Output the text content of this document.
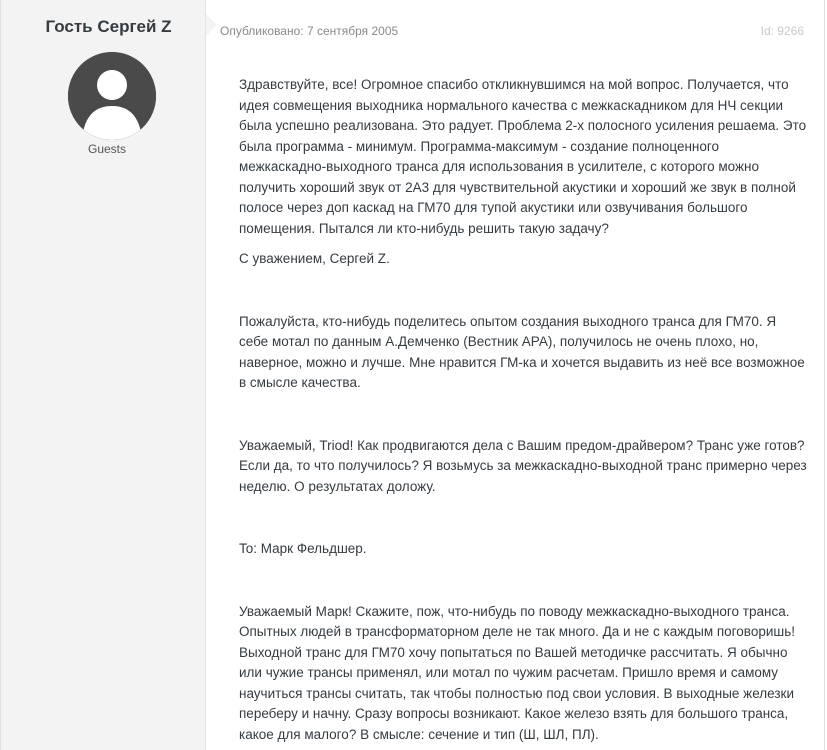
Гость Сергей Z
Guests
Опубликовано: 7 сентября 2005	Id: 9266

Здравствуйте, все! Огромное спасибо откликнувшимся на мой вопрос. Получается, что идея совмещения выходника нормального качества с межкаскадником для НЧ секции была успешно реализована. Это радует. Проблема 2-х полосного усиления решаема. Это была программа - минимум. Программа-максимум - создание полноценного межкаскадно-выходного транса для использования в усилителе, с которого можно получить хороший звук от 2А3 для чувствительной акустики и хороший же звук в полной полосе через доп каскад на ГМ70 для тупой акустики или озвучивания большого помещения. Пытался ли кто-нибудь решить такую задачу?

С уважением, Сергей Z.

Пожалуйста, кто-нибудь поделитесь опытом создания выходного транса для ГМ70. Я себе мотал по данным А.Демченко (Вестник АРА), получилось не очень плохо, но, наверное, можно и лучше. Мне нравится ГМ-ка и хочется выдавить из неё все возможное в смысле качества.

Уважаемый, Triod! Как продвигаются дела с Вашим предом-драйвером? Транс уже готов? Если да, то что получилось? Я возьмусь за межкаскадно-выходной транс примерно через неделю. О результатах доложу.

To: Марк Фельдшер.

Уважаемый Марк! Скажите, пож, что-нибудь по поводу межкаскадно-выходного транса. Опытных людей в трансформаторном деле не так много. Да и не с каждым поговоришь! Выходной транс для ГМ70 хочу попытаться по Вашей методичке рассчитать. Я обычно или чужие трансы применял, или мотал по чужим расчетам. Пришло время и самому научиться трансы считать, так чтобы полностью под свои условия. В выходные железки переберу и начну. Сразу вопросы возникают. Какое железо взять для большого транса, какое для малого? В смысле: сечение и тип (Ш, ШЛ, ПЛ).
